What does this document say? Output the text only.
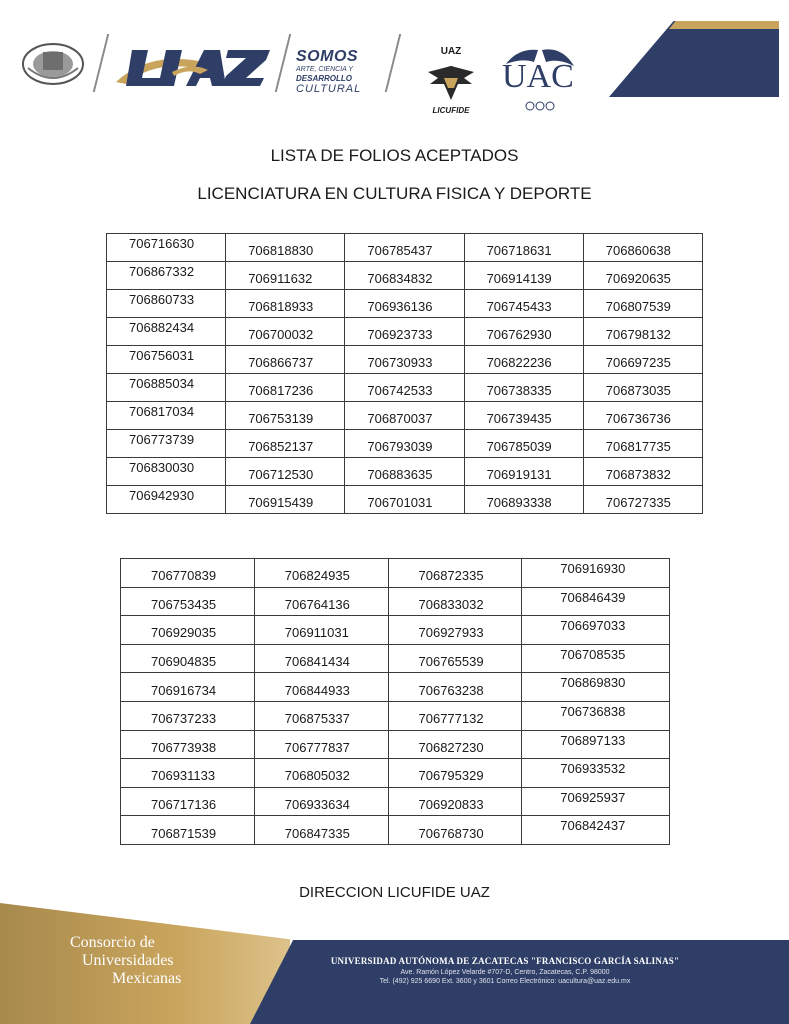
SOMOS
ARTE, CIENCIA Y
DESARROLLO
CULTURAL
UAZ
LICUFIDE
UAC
LISTA DE FOLIOS ACEPTADOS
LICENCIATURA EN CULTURA FISICA Y DEPORTE
706716630	706818830	706785437	706718631	706860638
706867332	706911632	706834832	706914139	706920635
706860733	706818933	706936136	706745433	706807539
706882434	706700032	706923733	706762930	706798132
706756031	706866737	706730933	706822236	706697235
706885034	706817236	706742533	706738335	706873035
706817034	706753139	706870037	706739435	706736736
706773739	706852137	706793039	706785039	706817735
706830030	706712530	706883635	706919131	706873832
706942930	706915439	706701031	706893338	706727335
706770839	706824935	706872335	706916930
706753435	706764136	706833032	706846439
706929035	706911031	706927933	706697033
706904835	706841434	706765539	706708535
706916734	706844933	706763238	706869830
706737233	706875337	706777132	706736838
706773938	706777837	706827230	706897133
706931133	706805032	706795329	706933532
706717136	706933634	706920833	706925937
706871539	706847335	706768730	706842437
DIRECCION LICUFIDE UAZ
Consorcio de
Universidades
Mexicanas
UNIVERSIDAD AUTÓNOMA DE ZACATECAS "FRANCISCO GARCÍA SALINAS"
Ave. Ramón López Velarde #707-D, Centro, Zacatecas, C.P. 98000
Tel. (492) 925 6690 Ext. 3600 y 3601 Correo Electrónico: uacultura@uaz.edu.mx
